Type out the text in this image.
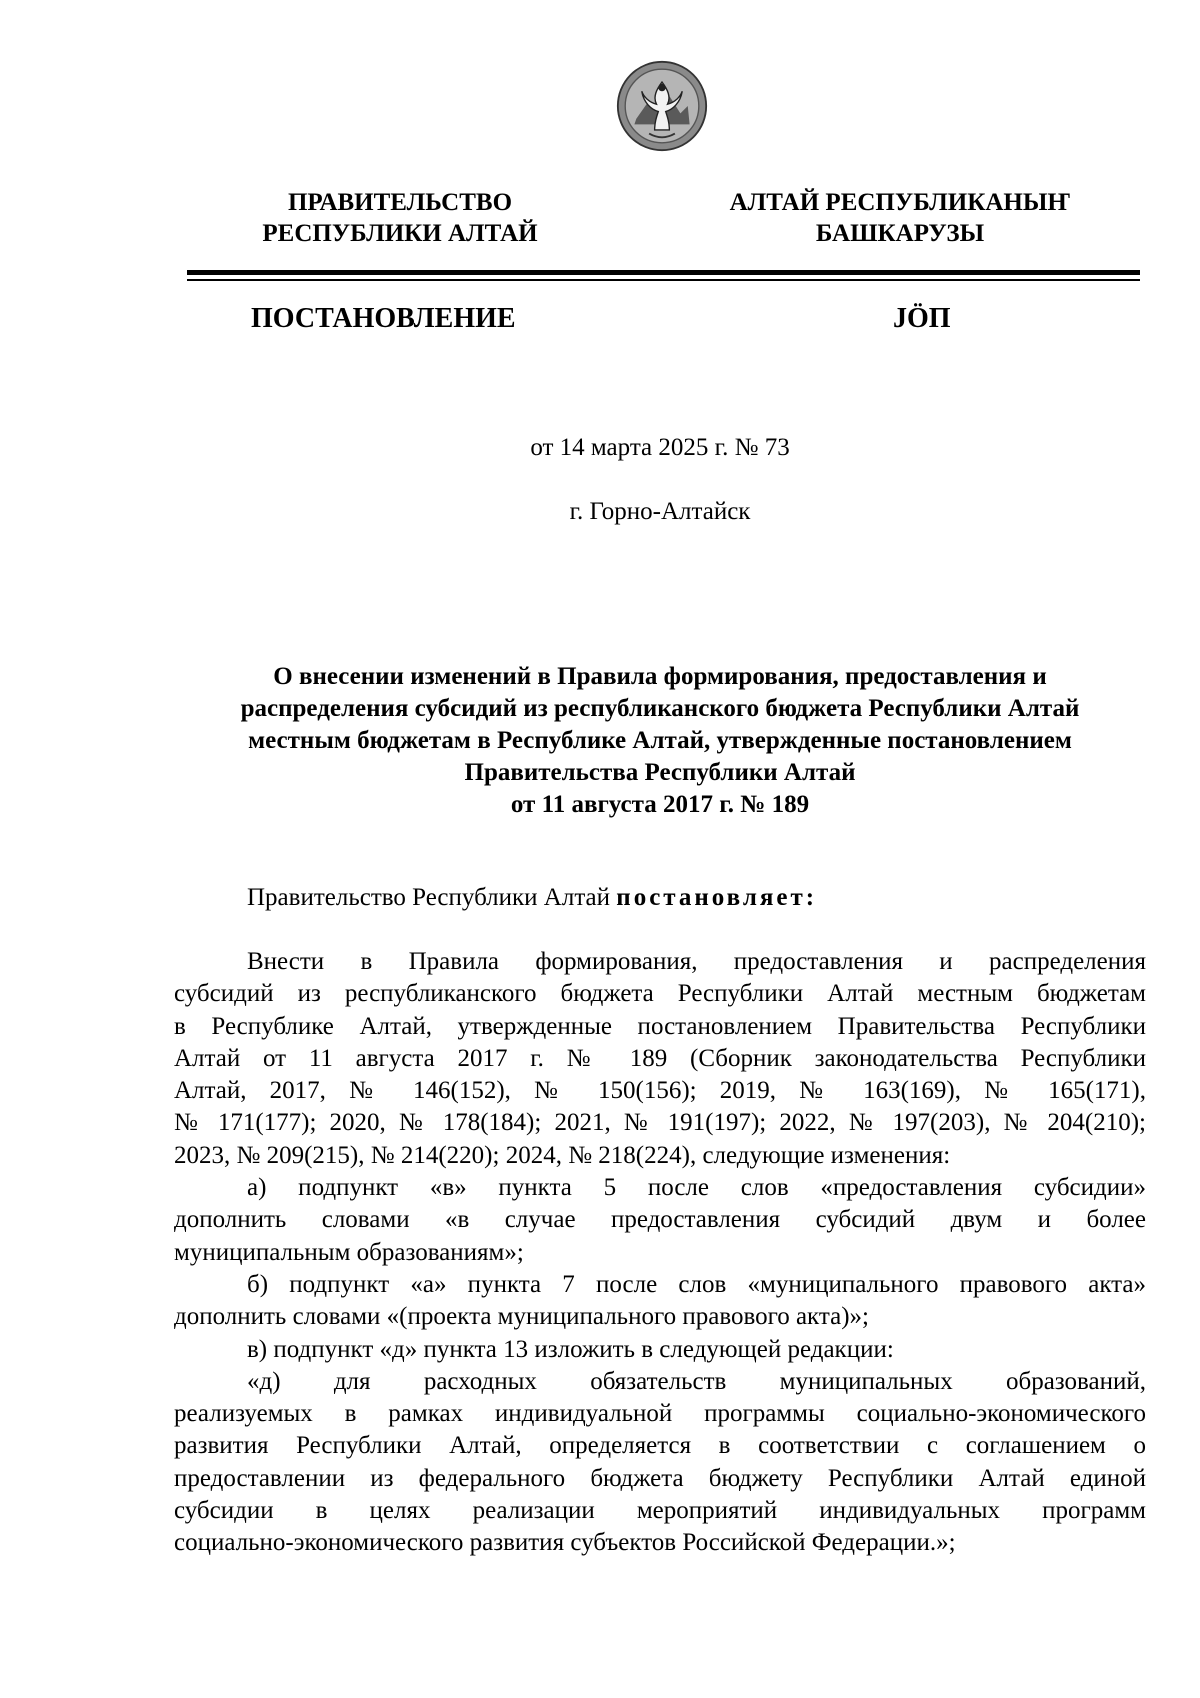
ПРАВИТЕЛЬСТВО
РЕСПУБЛИКИ АЛТАЙ
АЛТАЙ РЕСПУБЛИКАНЫҤ
БАШКАРУЗЫ
ПОСТАНОВЛЕНИЕ	JӦП
от 14 марта 2025 г. № 73
г. Горно-Алтайск
О внесении изменений в Правила формирования, предоставления и
распределения субсидий из республиканского бюджета Республики Алтай
местным бюджетам в Республике Алтай, утвержденные постановлением
Правительства Республики Алтай
от 11 августа 2017 г. № 189
Правительство Республики Алтай постановляет:
Внести в Правила формирования, предоставления и распределения
субсидий из республиканского бюджета Республики Алтай местным бюджетам
в Республике Алтай, утвержденные постановлением Правительства Республики
Алтай от 11 августа 2017 г. № 189 (Сборник законодательства Республики
Алтай, 2017, № 146(152), № 150(156); 2019, № 163(169), № 165(171),
№ 171(177); 2020, № 178(184); 2021, № 191(197); 2022, № 197(203), № 204(210);
2023, № 209(215), № 214(220); 2024, № 218(224), следующие изменения:
а) подпункт «в» пункта 5 после слов «предоставления субсидии»
дополнить словами «в случае предоставления субсидий двум и более
муниципальным образованиям»;
б) подпункт «а» пункта 7 после слов «муниципального правового акта»
дополнить словами «(проекта муниципального правового акта)»;
в) подпункт «д» пункта 13 изложить в следующей редакции:
«д) для расходных обязательств муниципальных образований,
реализуемых в рамках индивидуальной программы социально-экономического
развития Республики Алтай, определяется в соответствии с соглашением о
предоставлении из федерального бюджета бюджету Республики Алтай единой
субсидии в целях реализации мероприятий индивидуальных программ
социально-экономического развития субъектов Российской Федерации.»;
